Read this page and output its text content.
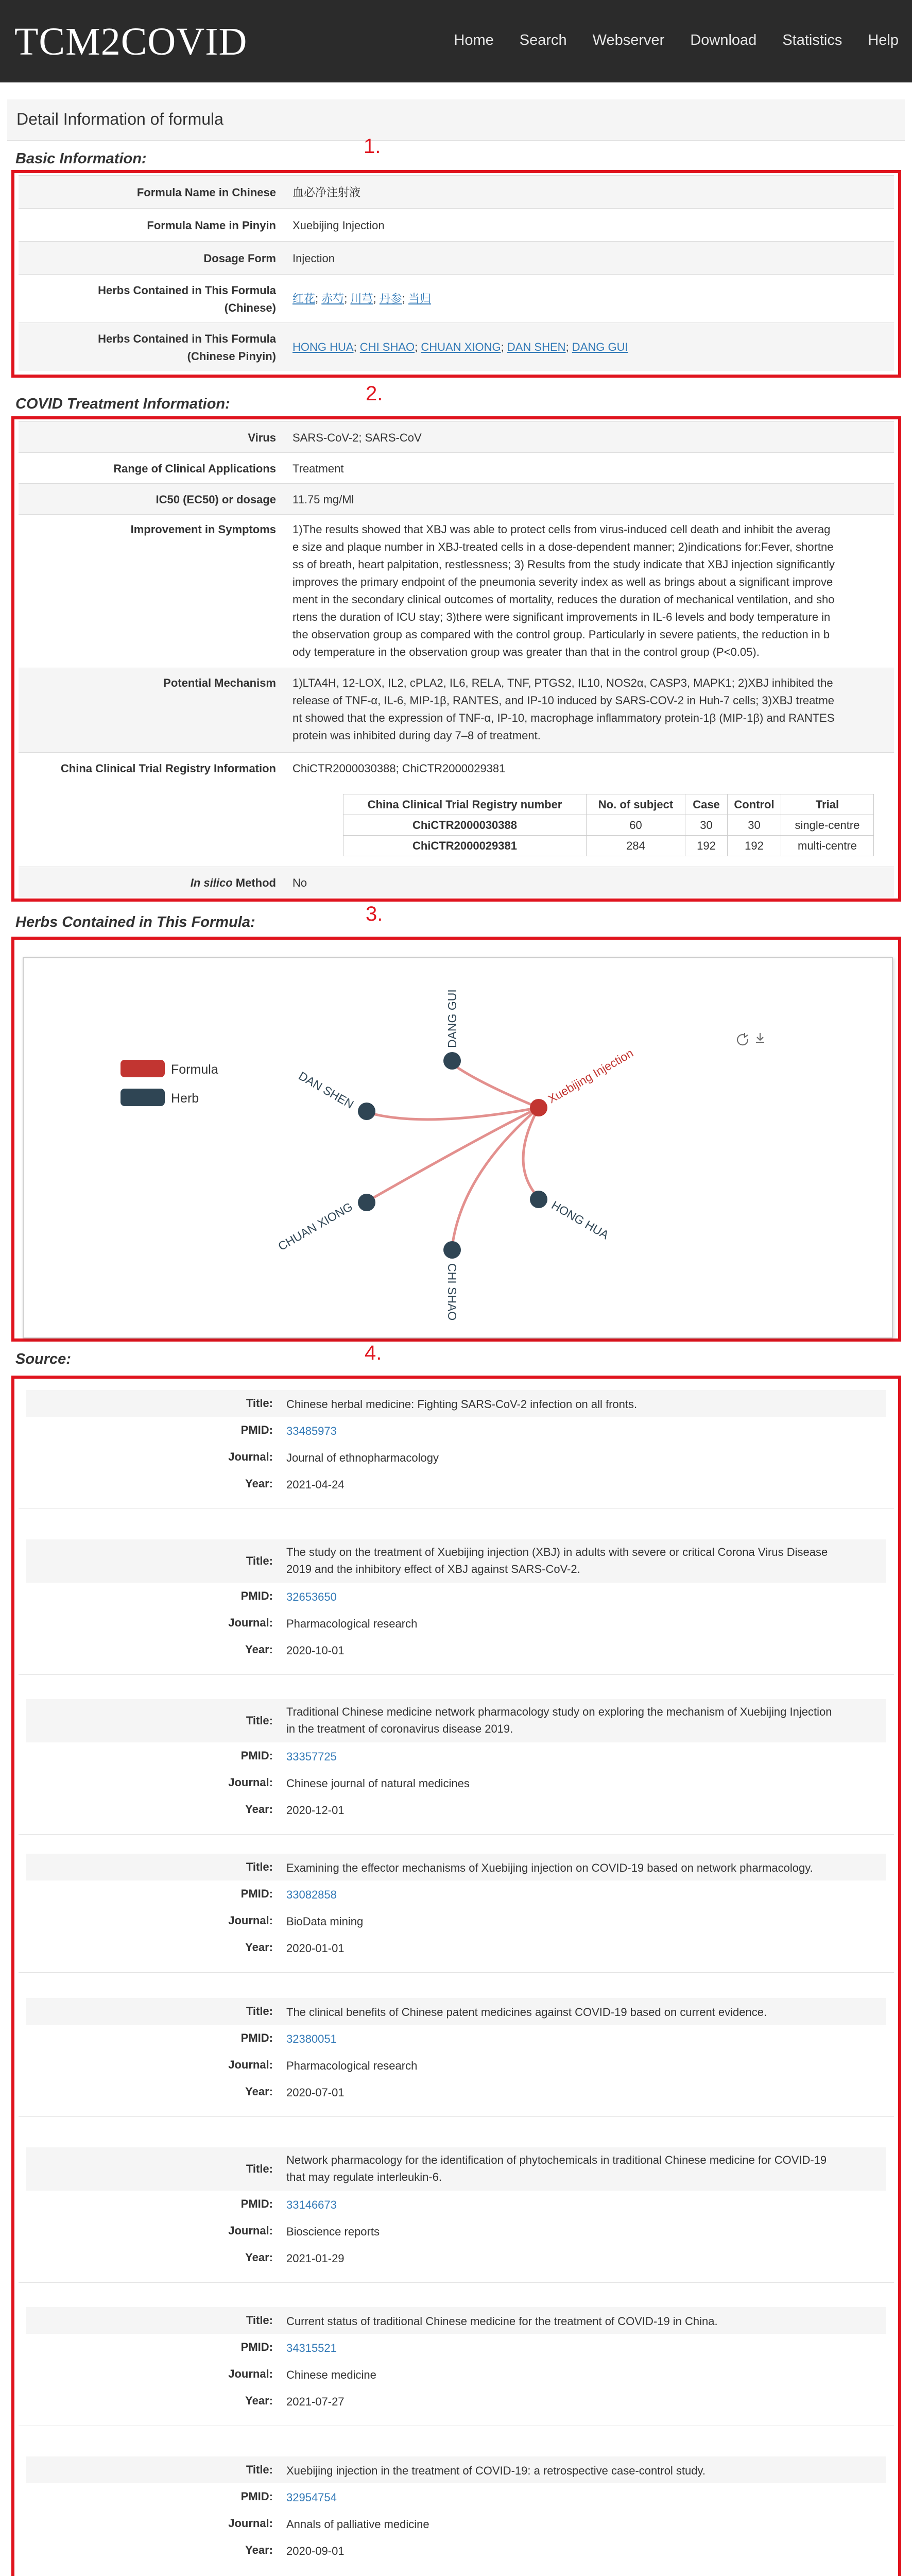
TCM2COVID	Home Search Webserver Download Statistics Help
Detail Information of formula
Basic Information:
1.
Formula Name in Chinese 血必净注射液
Formula Name in Pinyin Xuebijing Injection
Dosage Form Injection
Herbs Contained in This Formula
(Chinese)
红花; 赤芍; 川芎; 丹参; 当归
Herbs Contained in This Formula
(Chinese Pinyin)
HONG HUA; CHI SHAO; CHUAN XIONG; DAN SHEN; DANG GUI
COVID Treatment Information:	2.
Virus SARS-CoV-2; SARS-CoV
Range of Clinical Applications Treatment
IC50 (EC50) or dosage 11.75 mg/Ml
Improvement in Symptoms 1)The results showed that XBJ was able to protect cells from virus-induced cell death and inhibit the averag
e size and plaque number in XBJ-treated cells in a dose-dependent manner; 2)indications for:Fever, shortne
ss of breath, heart palpitation, restlessness; 3) Results from the study indicate that XBJ injection significantly
improves the primary endpoint of the pneumonia severity index as well as brings about a significant improve
ment in the secondary clinical outcomes of mortality, reduces the duration of mechanical ventilation, and sho
rtens the duration of ICU stay; 3)there were significant improvements in IL-6 levels and body temperature in
the observation group as compared with the control group. Particularly in severe patients, the reduction in b
ody temperature in the observation group was greater than that in the control group (P<0.05).
Potential Mechanism 1)LTA4H, 12-LOX, IL2, cPLA2, IL6, RELA, TNF, PTGS2, IL10, NOS2α, CASP3, MAPK1; 2)XBJ inhibited the
release of TNF-α, IL-6, MIP-1β, RANTES, and IP-10 induced by SARS-COV-2 in Huh-7 cells; 3)XBJ treatme
nt showed that the expression of TNF-α, IP-10, macrophage inflammatory protein-1β (MIP-1β) and RANTES
protein was inhibited during day 7–8 of treatment.
China Clinical Trial Registry Information ChiCTR2000030388; ChiCTR2000029381
China Clinical Trial Registry number	No. of subject	Case	Control	Trial
ChiCTR2000030388	60	30	30	single-centre
ChiCTR2000029381	284	192	192	multi-centre
In silico Method No
Herbs Contained in This Formula:	3.
Formula
Herb
DANG GUI
DAN SHEN
CHUAN XIONG
CHI SHAO
HONG HUA
Xuebijing Injection
Source:	4.
Title: Chinese herbal medicine: Fighting SARS-CoV-2 infection on all fronts.
PMID: 33485973
Journal: Journal of ethnopharmacology
Year: 2021-04-24
Title:
The study on the treatment of Xuebijing injection (XBJ) in adults with severe or critical Corona Virus Disease
2019 and the inhibitory effect of XBJ against SARS-CoV-2.
PMID: 32653650
Journal: Pharmacological research
Year: 2020-10-01
Title:
Traditional Chinese medicine network pharmacology study on exploring the mechanism of Xuebijing Injection
in the treatment of coronavirus disease 2019.
PMID: 33357725
Journal: Chinese journal of natural medicines
Year: 2020-12-01
Title: Examining the effector mechanisms of Xuebijing injection on COVID-19 based on network pharmacology.
PMID: 33082858
Journal: BioData mining
Year: 2020-01-01
Title: The clinical benefits of Chinese patent medicines against COVID-19 based on current evidence.
PMID: 32380051
Journal: Pharmacological research
Year: 2020-07-01
Title:
Network pharmacology for the identification of phytochemicals in traditional Chinese medicine for COVID-19
that may regulate interleukin-6.
PMID: 33146673
Journal: Bioscience reports
Year: 2021-01-29
Title: Current status of traditional Chinese medicine for the treatment of COVID-19 in China.
PMID: 34315521
Journal: Chinese medicine
Year: 2021-07-27
Title: Xuebijing injection in the treatment of COVID-19: a retrospective case-control study.
PMID: 32954754
Journal: Annals of palliative medicine
Year: 2020-09-01
